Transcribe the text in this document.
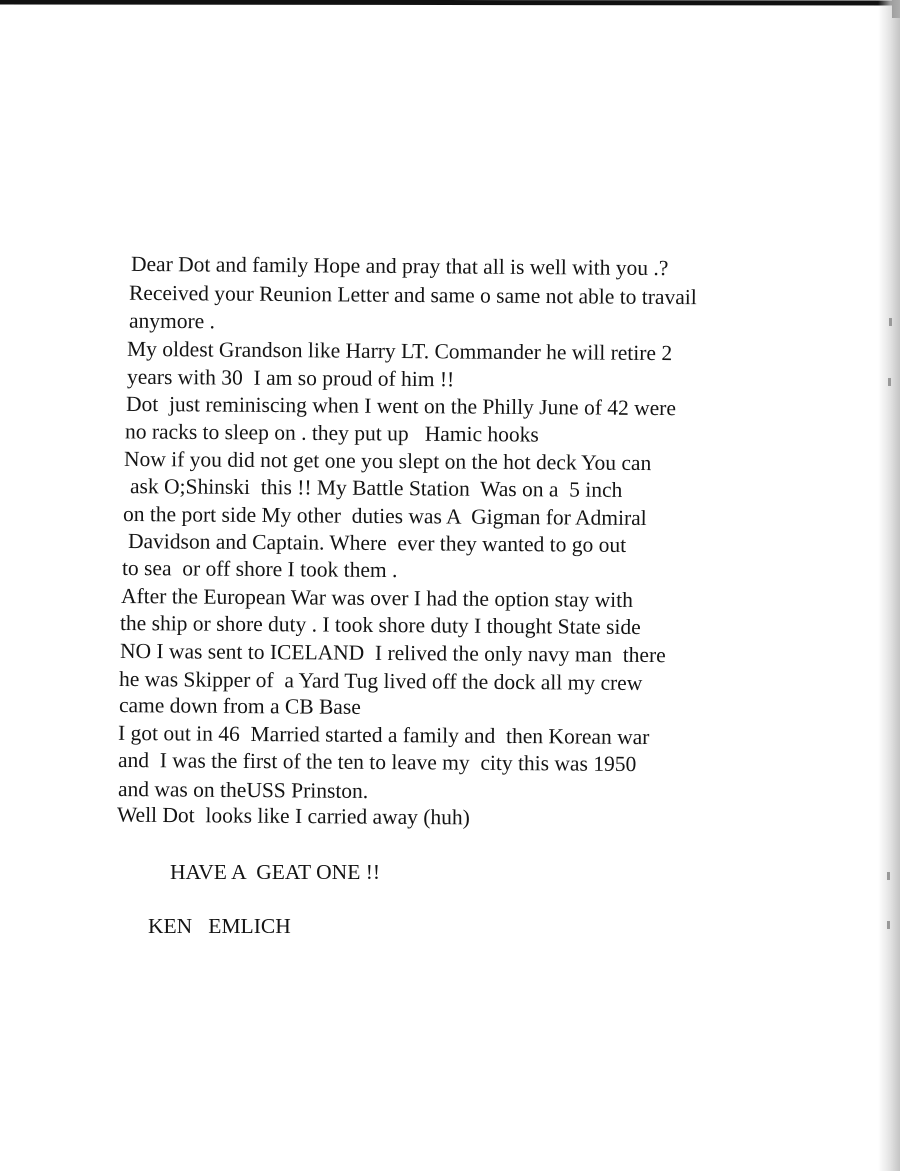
Dear Dot and family Hope and pray that all is well with you .?
Received your Reunion Letter and same o same not able to travail
anymore .
My oldest Grandson like Harry LT. Commander he will retire 2
years with 30  I am so proud of him !!
Dot  just reminiscing when I went on the Philly June of 42 were
no racks to sleep on . they put up   Hamic hooks
Now if you did not get one you slept on the hot deck You can
ask O;Shinski  this !! My Battle Station  Was on a  5 inch
on the port side My other  duties was A  Gigman for Admiral
Davidson and Captain. Where  ever they wanted to go out
to sea  or off shore I took them .
After the European War was over I had the option stay with
the ship or shore duty . I took shore duty I thought State side
NO I was sent to ICELAND  I relived the only navy man  there
he was Skipper of  a Yard Tug lived off the dock all my crew
came down from a CB Base
I got out in 46  Married started a family and  then Korean war
and  I was the first of the ten to leave my  city this was 1950
and was on theUSS Prinston.
Well Dot  looks like I carried away (huh)
HAVE A  GEAT ONE !!
KEN   EMLICH
